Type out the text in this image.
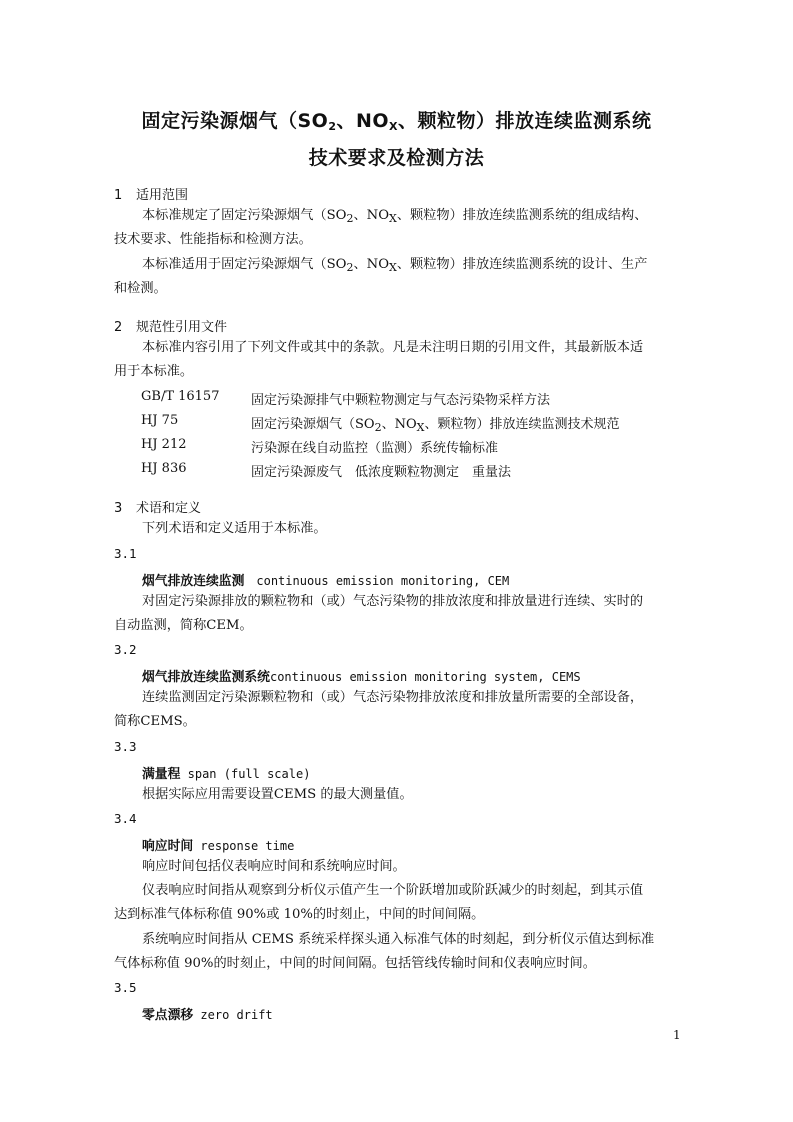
固定污染源烟气（$SO_2$、$NO_X$、颗粒物）排放连续监测系统
技术要求及检测方法
1 适用范围
本标准规定了固定污染源烟气（$SO_2$、$NO_X$、颗粒物）排放连续监测系统的组成结构、
技术要求、性能指标和检测方法。
本标准适用于固定污染源烟气（$SO_2$、$NO_X$、颗粒物）排放连续监测系统的设计、生产
和检测。
2 规范性引用文件
本标准内容引用了下列文件或其中的条款。凡是未注明日期的引用文件，其最新版本适
用于本标准。
GB/T 16157 固定污染源排气中颗粒物测定与气态污染物采样方法
HJ 75	固定污染源烟气（$SO_2$、$NO_X$、颗粒物）排放连续监测技术规范
HJ 212	污染源在线自动监控（监测）系统传输标准
HJ 836	固定污染源废气　低浓度颗粒物测定　重量法
3 术语和定义
下列术语和定义适用于本标准。
3.1
烟气排放连续监测　continuous emission monitoring, CEM
对固定污染源排放的颗粒物和（或）气态污染物的排放浓度和排放量进行连续、实时的
自动监测，简称CEM。
3.2
烟气排放连续监测系统continuous emission monitoring system, CEMS
连续监测固定污染源颗粒物和（或）气态污染物排放浓度和排放量所需要的全部设备，
简称CEMS。
3.3
满量程 span (full scale)
根据实际应用需要设置CEMS 的最大测量值。
3.4
响应时间 response time
响应时间包括仪表响应时间和系统响应时间。
仪表响应时间指从观察到分析仪示值产生一个阶跃增加或阶跃减少的时刻起，到其示值
达到标准气体标称值 90%或 10%的时刻止，中间的时间间隔。
系统响应时间指从 CEMS 系统采样探头通入标准气体的时刻起，到分析仪示值达到标准
气体标称值 90%的时刻止，中间的时间间隔。包括管线传输时间和仪表响应时间。
3.5
零点漂移 zero drift
1
